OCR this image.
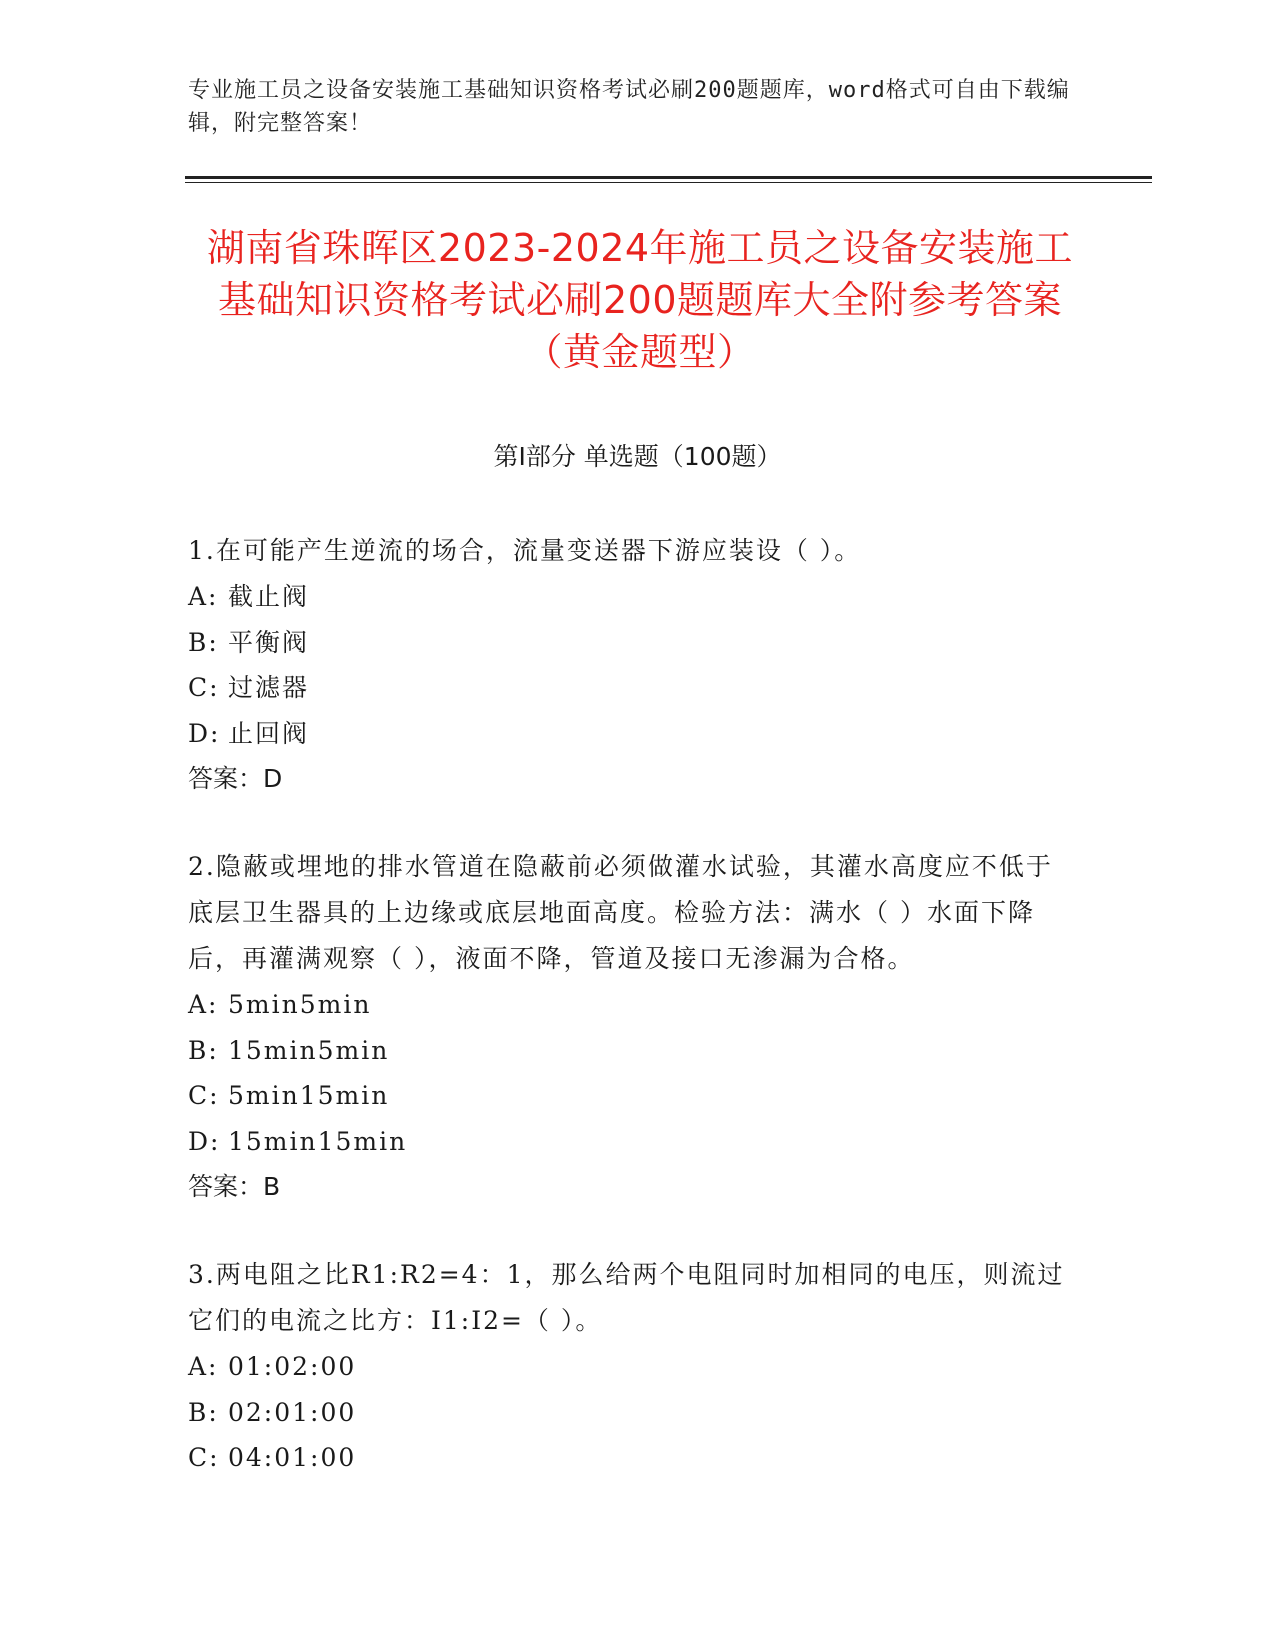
专业施工员之设备安装施工基础知识资格考试必刷200题题库，word格式可自由下载编辑，附完整答案！
湖南省珠晖区2023-2024年施工员之设备安装施工基础知识资格考试必刷200题题库大全附参考答案（黄金题型）
第Ⅰ部分 单选题（100题）
1.在可能产生逆流的场合，流量变送器下游应装设（ ）。
A: 截止阀
B: 平衡阀
C: 过滤器
D: 止回阀
答案：D
2.隐蔽或埋地的排水管道在隐蔽前必须做灌水试验，其灌水高度应不低于底层卫生器具的上边缘或底层地面高度。检验方法：满水（ ）水面下降后，再灌满观察（ ），液面不降，管道及接口无渗漏为合格。
A: 5min5min
B: 15min5min
C: 5min15min
D: 15min15min
答案：B
3.两电阻之比R1:R2=4：1，那么给两个电阻同时加相同的电压，则流过它们的电流之比方：I1:I2=（ ）。
A: 01:02:00
B: 02:01:00
C: 04:01:00
